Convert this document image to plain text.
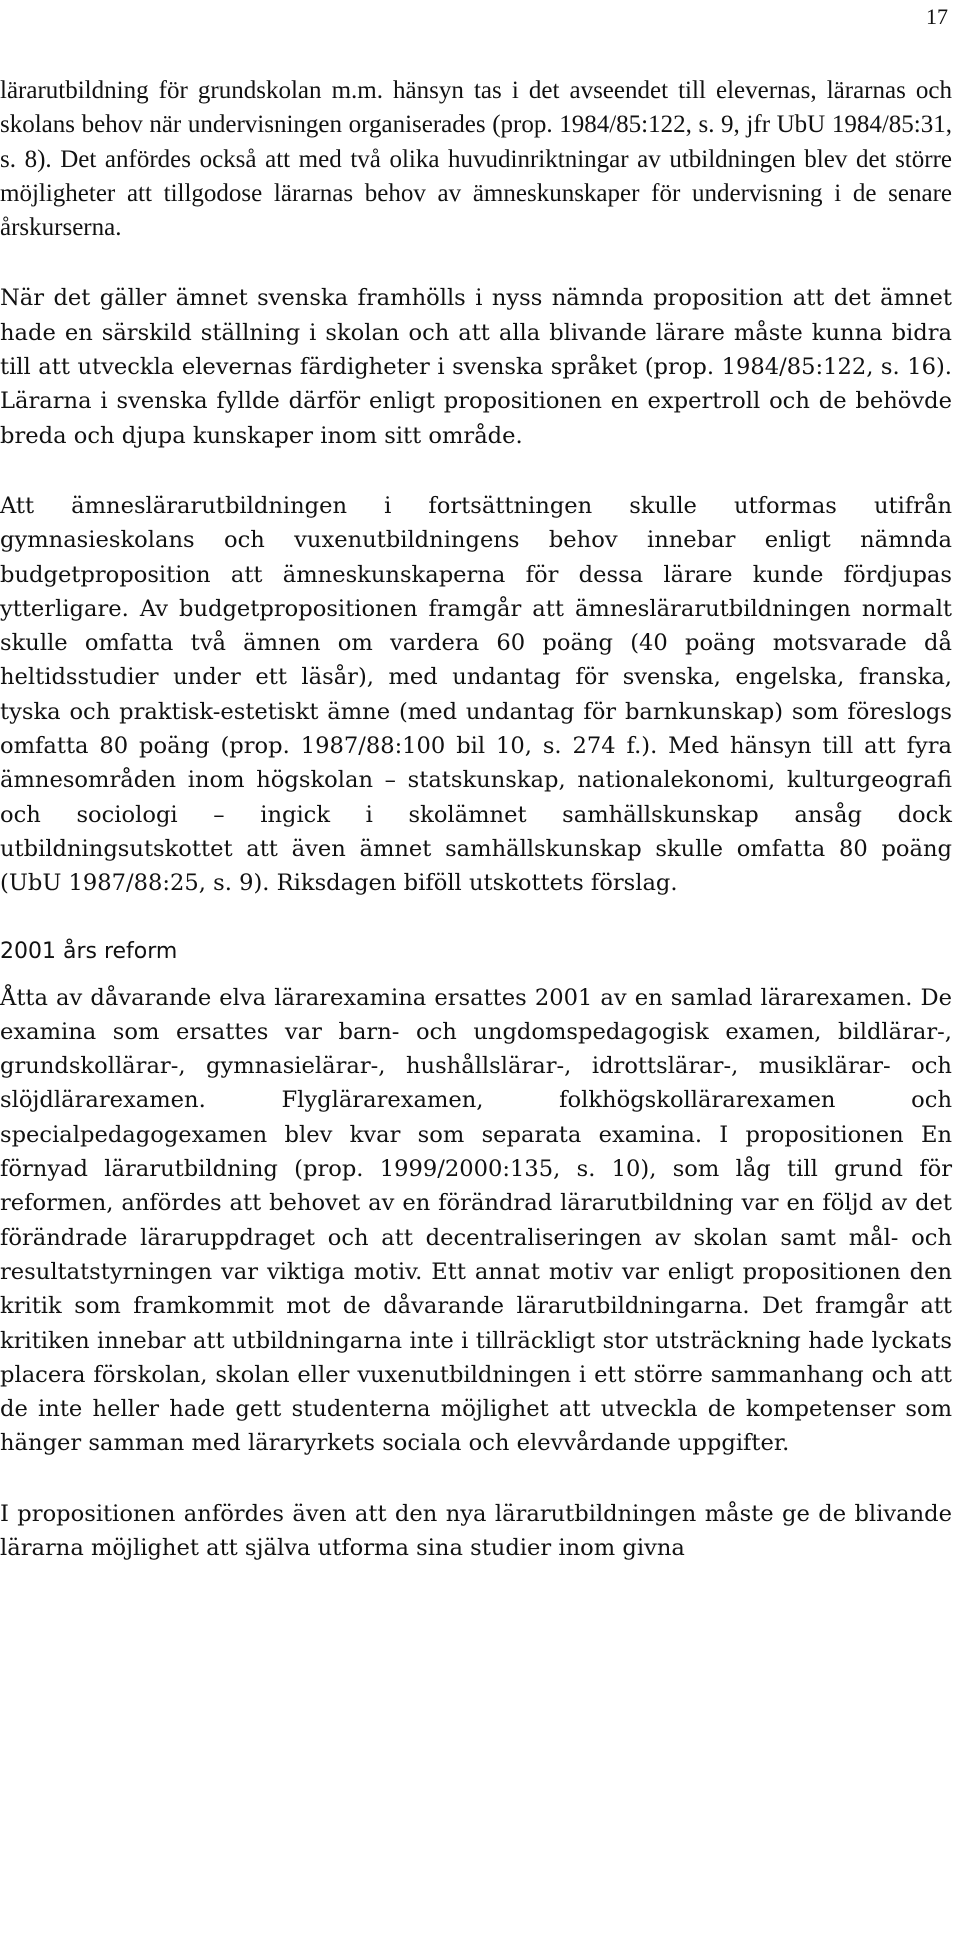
17

lärarutbildning för grundskolan m.m. hänsyn tas i det avseendet till elevernas, lärarnas och skolans behov när undervisningen organiserades (prop. 1984/85:122, s. 9, jfr UbU 1984/85:31, s. 8). Det anfördes också att med två olika huvudinriktningar av utbildningen blev det större möjligheter att tillgodose lärarnas behov av ämneskunskaper för undervisning i de senare årskurserna.

När det gäller ämnet svenska framhölls i nyss nämnda proposition att det ämnet hade en särskild ställning i skolan och att alla blivande lärare måste kunna bidra till att utveckla elevernas färdigheter i svenska språket (prop. 1984/85:122, s. 16). Lärarna i svenska fyllde därför enligt propositionen en expertroll och de behövde breda och djupa kunskaper inom sitt område.

Att ämneslärarutbildningen i fortsättningen skulle utformas utifrån gymnasieskolans och vuxenutbildningens behov innebar enligt nämnda budgetproposition att ämneskunskaperna för dessa lärare kunde fördjupas ytterligare. Av budgetpropositionen framgår att ämneslärarutbildningen normalt skulle omfatta två ämnen om vardera 60 poäng (40 poäng motsvarade då heltidsstudier under ett läsår), med undantag för svenska, engelska, franska, tyska och praktisk-estetiskt ämne (med undantag för barnkunskap) som föreslogs omfatta 80 poäng (prop. 1987/88:100 bil 10, s. 274 f.). Med hänsyn till att fyra ämnesområden inom högskolan – statskunskap, nationalekonomi, kulturgeografi och sociologi – ingick i skolämnet samhällskunskap ansåg dock utbildningsutskottet att även ämnet samhällskunskap skulle omfatta 80 poäng (UbU 1987/88:25, s. 9). Riksdagen biföll utskottets förslag.

2001 års reform

Åtta av dåvarande elva lärarexamina ersattes 2001 av en samlad lärarexamen. De examina som ersattes var barn- och ungdomspedagogisk examen, bildlärar-, grundskollärar-, gymnasielärar-, hushållslärar-, idrottslärar-, musiklärar- och slöjdlärarexamen. Flyglärarexamen, folkhögskollärarexamen och specialpedagogexamen blev kvar som separata examina. I propositionen En förnyad lärarutbildning (prop. 1999/2000:135, s. 10), som låg till grund för reformen, anfördes att behovet av en förändrad lärarutbildning var en följd av det förändrade läraruppdraget och att decentraliseringen av skolan samt mål- och resultatstyrningen var viktiga motiv. Ett annat motiv var enligt propositionen den kritik som framkommit mot de dåvarande lärarutbildningarna. Det framgår att kritiken innebar att utbildningarna inte i tillräckligt stor utsträckning hade lyckats placera förskolan, skolan eller vuxenutbildningen i ett större sammanhang och att de inte heller hade gett studenterna möjlighet att utveckla de kompetenser som hänger samman med läraryrkets sociala och elevvårdande uppgifter.

I propositionen anfördes även att den nya lärarutbildningen måste ge de blivande lärarna möjlighet att själva utforma sina studier inom givna
